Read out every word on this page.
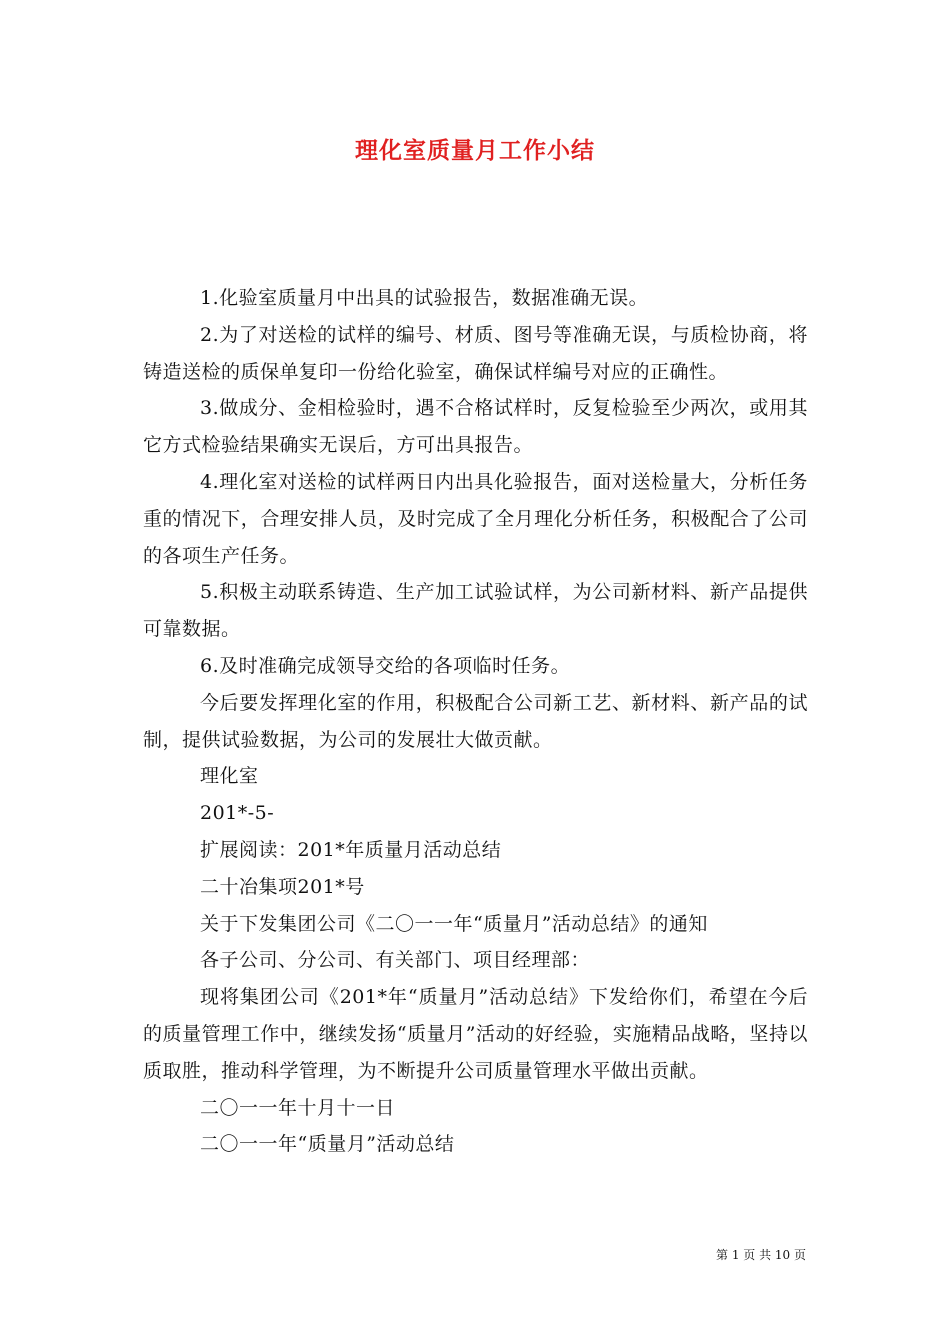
理化室质量月工作小结

1.化验室质量月中出具的试验报告，数据准确无误。

2.为了对送检的试样的编号、材质、图号等准确无误，与质检协商，将铸造送检的质保单复印一份给化验室，确保试样编号对应的正确性。

3.做成分、金相检验时，遇不合格试样时，反复检验至少两次，或用其它方式检验结果确实无误后，方可出具报告。

4.理化室对送检的试样两日内出具化验报告，面对送检量大，分析任务重的情况下，合理安排人员，及时完成了全月理化分析任务，积极配合了公司的各项生产任务。

5.积极主动联系铸造、生产加工试验试样，为公司新材料、新产品提供可靠数据。

6.及时准确完成领导交给的各项临时任务。

今后要发挥理化室的作用，积极配合公司新工艺、新材料、新产品的试制，提供试验数据，为公司的发展壮大做贡献。

理化室

201*-5-

扩展阅读：201*年质量月活动总结

二十冶集项201*号

关于下发集团公司《二〇一一年“质量月”活动总结》的通知

各子公司、分公司、有关部门、项目经理部：

现将集团公司《201*年“质量月”活动总结》下发给你们，希望在今后的质量管理工作中，继续发扬“质量月”活动的好经验，实施精品战略，坚持以质取胜，推动科学管理，为不断提升公司质量管理水平做出贡献。

二〇一一年十月十一日

二〇一一年“质量月”活动总结

第 1 页 共 10 页
